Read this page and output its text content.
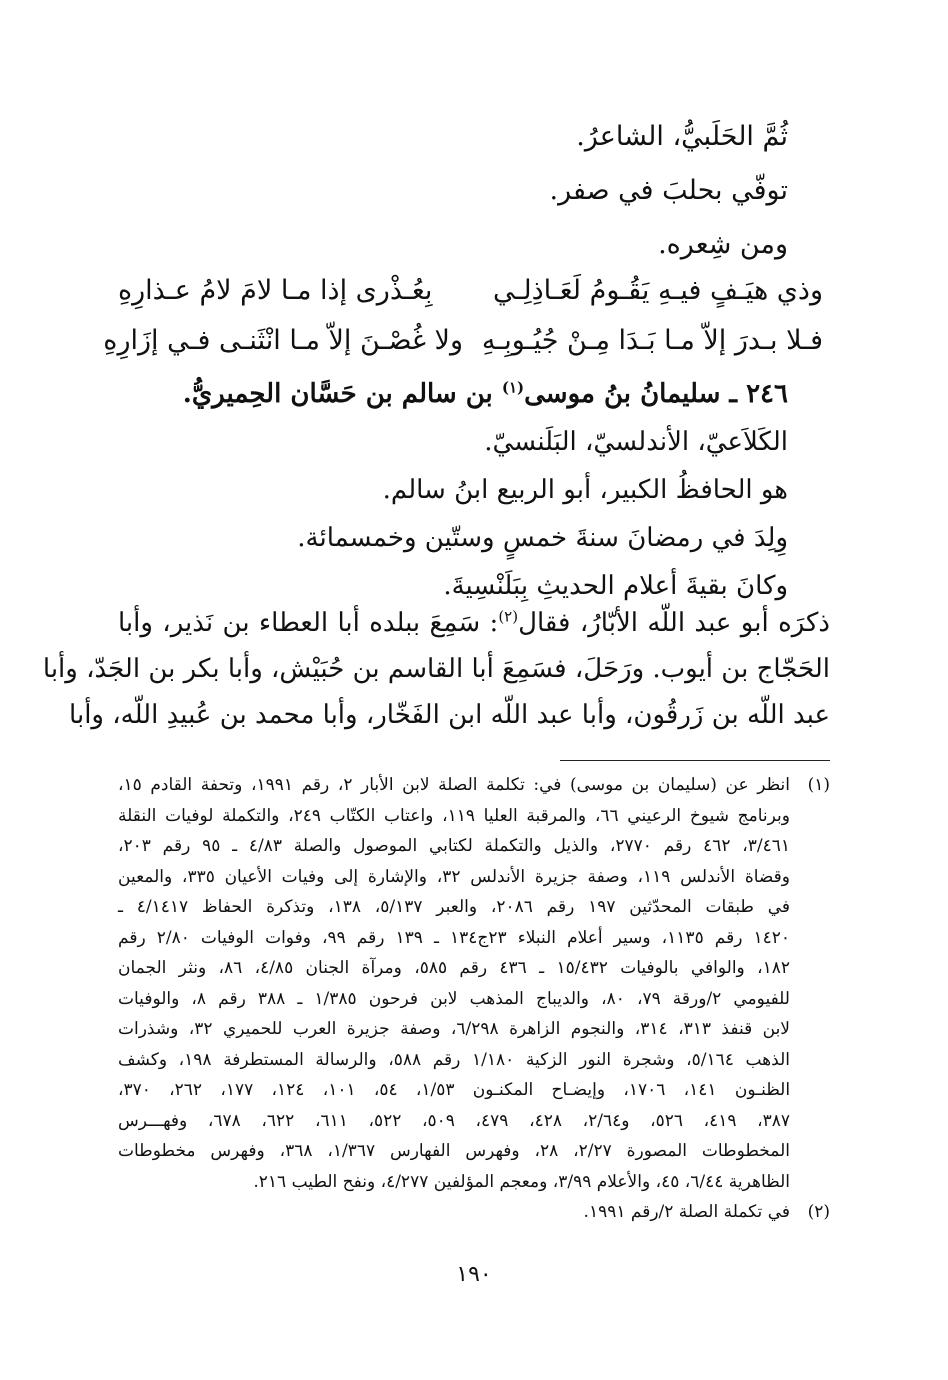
ثُمَّ الحَلَبيُّ، الشاعرُ.
توفّي بحلبَ في صفر.
ومن شِعره.
وذي هيَـفٍ فيـهِ يَقُـومُ لَعَـاذِلِـي
بِعُـذْرى إذا مـا لامَ لامُ عـذارِهِ
فـلا بـدرَ إلاّ مـا بَـدَا مِـنْ جُيُـوبِـهِ
ولا غُصْـنَ إلاّ مـا انْثَنـى فـي إزَارِهِ
٢٤٦ ـ سليمانُ بنُ موسى$^{(١)}$ بن سالم بن حَسَّان الحِميريُّ.
الكَلاَعيّ، الأندلسيّ، البَلَنسيّ.
هو الحافظُ الكبير، أبو الربيع ابنُ سالم.
وِلِدَ في رمضانَ سنةَ خمسٍ وستّين وخمسمائة.
وكانَ بقيةَ أعلام الحديثِ بِبَلَنْسِيةَ.
ذكرَه أبو عبد اللّه الأبّارُ، فقال$^{(٢)}$: سَمِعَ ببلده أبا العطاء بن نَذير، وأبا
الحَجّاج بن أيوب. ورَحَلَ، فسَمِعَ أبا القاسم بن حُبَيْش، وأبا بكر بن الجَدّ، وأبا
عبد اللّه بن زَرقُون، وأبا عبد اللّه ابن الفَخّار، وأبا محمد بن عُبيدِ اللّه، وأبا
(١)
انظر عن (سليمان بن موسى) في: تكلمة الصلة لابن الأبار ٢، رقم ١٩٩١، وتحفة القادم ١٥،
وبرنامج شيوخ الرعيني ٦٦، والمرقبة العليا ١١٩، واعتاب الكتّاب ٢٤٩، والتكملة لوفيات النقلة
٣/٤٦١، ٤٦٢ رقم ٢٧٧٠، والذيل والتكملة لكتابي الموصول والصلة ٤/٨٣ ـ ٩٥ رقم ٢٠٣،
وقضاة الأندلس ١١٩، وصفة جزيرة الأندلس ٣٢، والإشارة إلى وفيات الأعيان ٣٣٥، والمعين
في طبقات المحدّثين ١٩٧ رقم ٢٠٨٦، والعبر ٥/١٣٧، ١٣٨، وتذكرة الحفاظ ٤/١٤١٧ ـ
١٤٢٠ رقم ١١٣٥، وسير أعلام النبلاء ٢٣ج١٣٤ ـ ١٣٩ رقم ٩٩، وفوات الوفيات ٢/٨٠ رقم
١٨٢، والوافي بالوفيات ١٥/٤٣٢ ـ ٤٣٦ رقم ٥٨٥، ومرآة الجنان ٤/٨٥، ٨٦، ونثر الجمان
للفيومي ٢/ورقة ٧٩، ٨٠، والديباج المذهب لابن فرحون ١/٣٨٥ ـ ٣٨٨ رقم ٨، والوفيات
لابن قنفذ ٣١٣، ٣١٤، والنجوم الزاهرة ٦/٢٩٨، وصفة جزيرة العرب للحميري ٣٢، وشذرات
الذهب ٥/١٦٤، وشجرة النور الزكية ١/١٨٠ رقم ٥٨٨، والرسالة المستطرفة ١٩٨، وكشف
الظنـون ١٤١، ١٧٠٦، وإيضـاح المكنـون ١/٥٣، ٥٤، ١٠١، ١٢٤، ١٧٧، ٢٦٢، ٣٧٠،
٣٨٧، ٤١٩، ٥٢٦، و٢/٦٤، ٤٢٨، ٤٧٩، ٥٠٩، ٥٢٢، ٦١١، ٦٢٢، ٦٧٨، وفهـــرس
المخطوطات المصورة ٢/٢٧، ٢٨، وفهرس الفهارس ١/٣٦٧، ٣٦٨، وفهرس مخطوطات
الظاهرية ٦/٤٤، ٤٥، والأعلام ٣/٩٩، ومعجم المؤلفين ٤/٢٧٧، ونفح الطيب ٢١٦.
(٢)
في تكملة الصلة ٢/رقم ١٩٩١.
١٩٠
